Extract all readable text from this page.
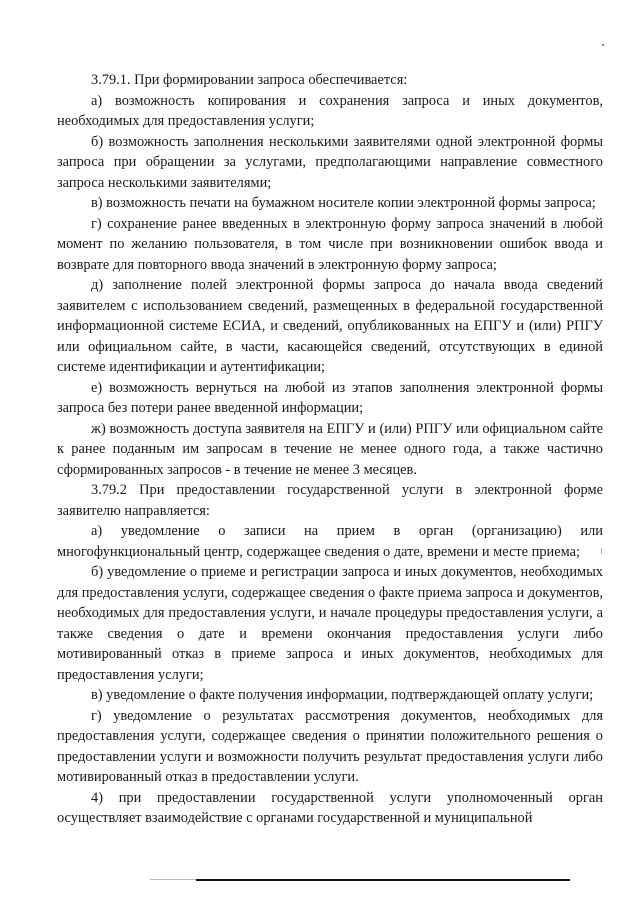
3.79.1. При формировании запроса обеспечивается:

а) возможность копирования и сохранения запроса и иных документов, необходимых для предоставления услуги;

б) возможность заполнения несколькими заявителями одной электронной формы запроса при обращении за услугами, предполагающими направление совместного запроса несколькими заявителями;

в) возможность печати на бумажном носителе копии электронной формы запроса;

г) сохранение ранее введенных в электронную форму запроса значений в любой момент по желанию пользователя, в том числе при возникновении ошибок ввода и возврате для повторного ввода значений в электронную форму запроса;

д) заполнение полей электронной формы запроса до начала ввода сведений заявителем с использованием сведений, размещенных в федеральной государственной информационной системе ЕСИА, и сведений, опубликованных на ЕПГУ и (или) РПГУ или официальном сайте, в части, касающейся сведений, отсутствующих в единой системе идентификации и аутентификации;

е) возможность вернуться на любой из этапов заполнения электронной формы запроса без потери ранее введенной информации;

ж) возможность доступа заявителя на ЕПГУ и (или) РПГУ или официальном сайте к ранее поданным им запросам в течение не менее одного года, а также частично сформированных запросов - в течение не менее 3 месяцев.

3.79.2 При предоставлении государственной услуги в электронной форме заявителю направляется:

а) уведомление о записи на прием в орган (организацию) или многофункциональный центр, содержащее сведения о дате, времени и месте приема;

б) уведомление о приеме и регистрации запроса и иных документов, необходимых для предоставления услуги, содержащее сведения о факте приема запроса и документов, необходимых для предоставления услуги, и начале процедуры предоставления услуги, а также сведения о дате и времени окончания предоставления услуги либо мотивированный отказ в приеме запроса и иных документов, необходимых для предоставления услуги;

в) уведомление о факте получения информации, подтверждающей оплату услуги;

г) уведомление о результатах рассмотрения документов, необходимых для предоставления услуги, содержащее сведения о принятии положительного решения о предоставлении услуги и возможности получить результат предоставления услуги либо мотивированный отказ в предоставлении услуги.

4) при предоставлении государственной услуги уполномоченный орган осуществляет взаимодействие с органами государственной и муниципальной
